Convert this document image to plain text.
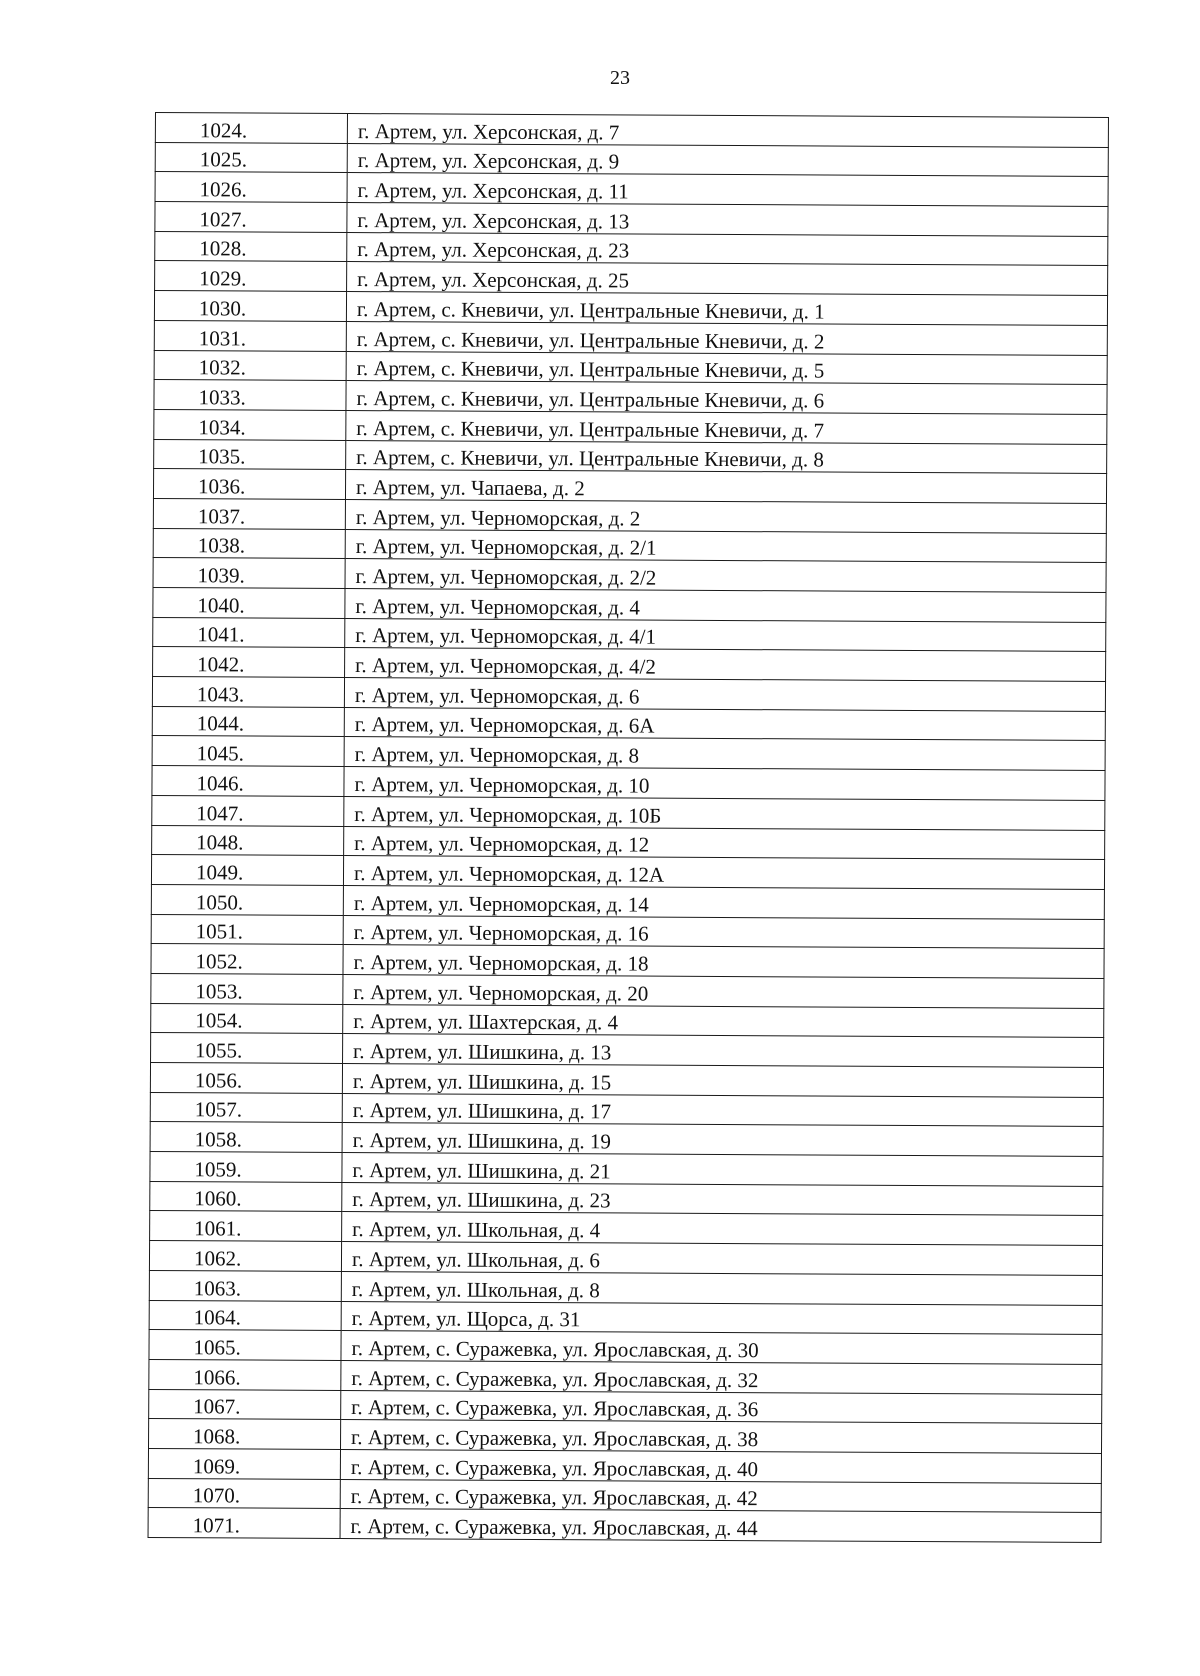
23
1024.	г. Артем, ул. Херсонская, д. 7
1025.	г. Артем, ул. Херсонская, д. 9
1026.	г. Артем, ул. Херсонская, д. 11
1027.	г. Артем, ул. Херсонская, д. 13
1028.	г. Артем, ул. Херсонская, д. 23
1029.	г. Артем, ул. Херсонская, д. 25
1030.	г. Артем, с. Кневичи, ул. Центральные Кневичи, д. 1
1031.	г. Артем, с. Кневичи, ул. Центральные Кневичи, д. 2
1032.	г. Артем, с. Кневичи, ул. Центральные Кневичи, д. 5
1033.	г. Артем, с. Кневичи, ул. Центральные Кневичи, д. 6
1034.	г. Артем, с. Кневичи, ул. Центральные Кневичи, д. 7
1035.	г. Артем, с. Кневичи, ул. Центральные Кневичи, д. 8
1036.	г. Артем, ул. Чапаева, д. 2
1037.	г. Артем, ул. Черноморская, д. 2
1038.	г. Артем, ул. Черноморская, д. 2/1
1039.	г. Артем, ул. Черноморская, д. 2/2
1040.	г. Артем, ул. Черноморская, д. 4
1041.	г. Артем, ул. Черноморская, д. 4/1
1042.	г. Артем, ул. Черноморская, д. 4/2
1043.	г. Артем, ул. Черноморская, д. 6
1044.	г. Артем, ул. Черноморская, д. 6А
1045.	г. Артем, ул. Черноморская, д. 8
1046.	г. Артем, ул. Черноморская, д. 10
1047.	г. Артем, ул. Черноморская, д. 10Б
1048.	г. Артем, ул. Черноморская, д. 12
1049.	г. Артем, ул. Черноморская, д. 12А
1050.	г. Артем, ул. Черноморская, д. 14
1051.	г. Артем, ул. Черноморская, д. 16
1052.	г. Артем, ул. Черноморская, д. 18
1053.	г. Артем, ул. Черноморская, д. 20
1054.	г. Артем, ул. Шахтерская, д. 4
1055.	г. Артем, ул. Шишкина, д. 13
1056.	г. Артем, ул. Шишкина, д. 15
1057.	г. Артем, ул. Шишкина, д. 17
1058.	г. Артем, ул. Шишкина, д. 19
1059.	г. Артем, ул. Шишкина, д. 21
1060.	г. Артем, ул. Шишкина, д. 23
1061.	г. Артем, ул. Школьная, д. 4
1062.	г. Артем, ул. Школьная, д. 6
1063.	г. Артем, ул. Школьная, д. 8
1064.	г. Артем, ул. Щорса, д. 31
1065.	г. Артем, с. Суражевка, ул. Ярославская, д. 30
1066.	г. Артем, с. Суражевка, ул. Ярославская, д. 32
1067.	г. Артем, с. Суражевка, ул. Ярославская, д. 36
1068.	г. Артем, с. Суражевка, ул. Ярославская, д. 38
1069.	г. Артем, с. Суражевка, ул. Ярославская, д. 40
1070.	г. Артем, с. Суражевка, ул. Ярославская, д. 42
1071.	г. Артем, с. Суражевка, ул. Ярославская, д. 44
